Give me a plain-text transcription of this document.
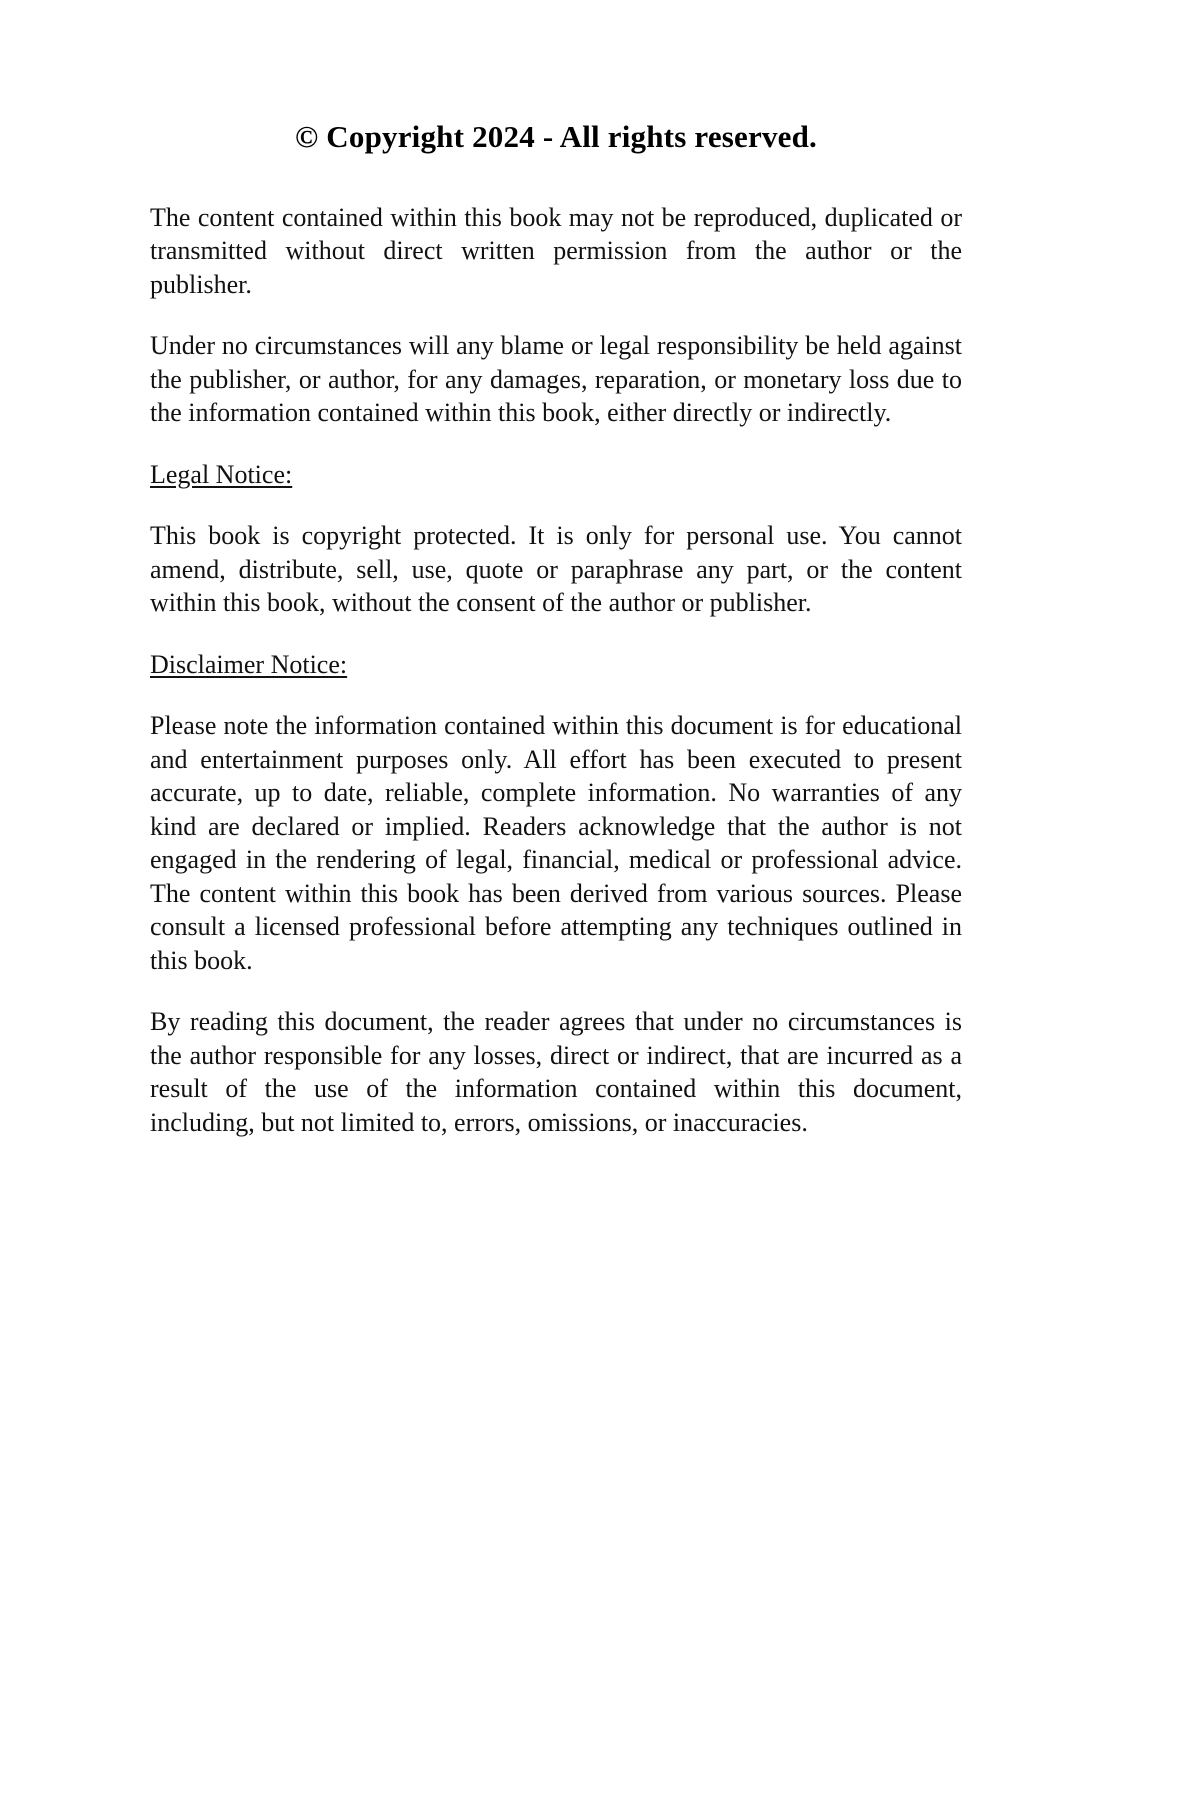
© Copyright 2024 - All rights reserved.

The content contained within this book may not be reproduced, duplicated or transmitted without direct written permission from the author or the publisher.

Under no circumstances will any blame or legal responsibility be held against the publisher, or author, for any damages, reparation, or monetary loss due to the information contained within this book, either directly or indirectly.

Legal Notice:

This book is copyright protected. It is only for personal use. You cannot amend, distribute, sell, use, quote or paraphrase any part, or the content within this book, without the consent of the author or publisher.

Disclaimer Notice:

Please note the information contained within this document is for educational and entertainment purposes only. All effort has been executed to present accurate, up to date, reliable, complete information. No warranties of any kind are declared or implied. Readers acknowledge that the author is not engaged in the rendering of legal, financial, medical or professional advice. The content within this book has been derived from various sources. Please consult a licensed professional before attempting any techniques outlined in this book.

By reading this document, the reader agrees that under no circumstances is the author responsible for any losses, direct or indirect, that are incurred as a result of the use of the information contained within this document, including, but not limited to, errors, omissions, or inaccuracies.
